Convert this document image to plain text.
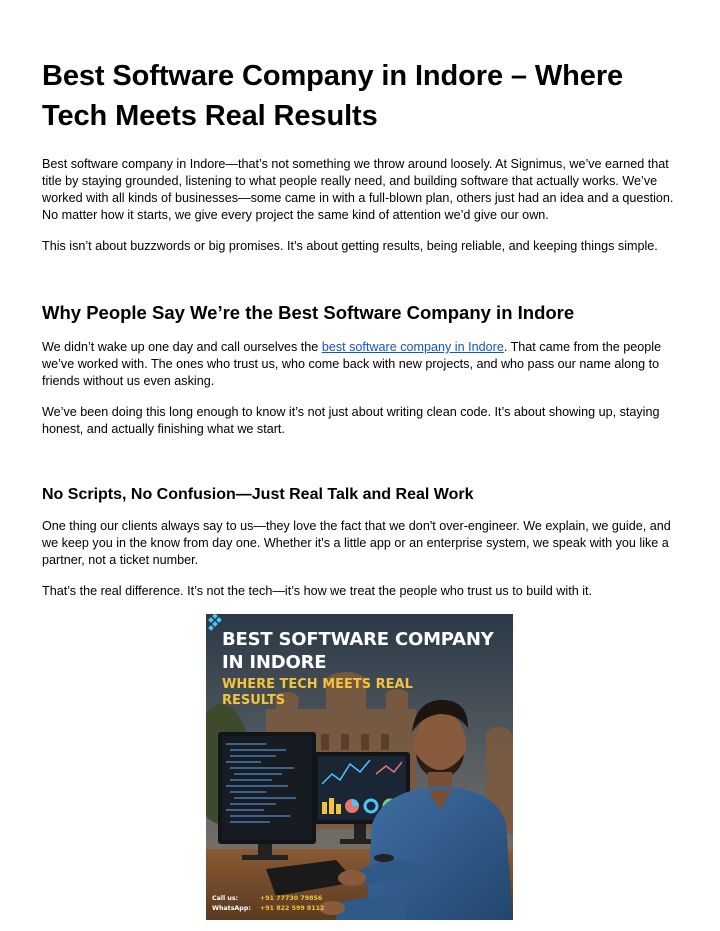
Best Software Company in Indore – Where Tech Meets Real Results

Best software company in Indore—that’s not something we throw around loosely. At Signimus, we’ve earned that title by staying grounded, listening to what people really need, and building software that actually works. We’ve worked with all kinds of businesses—some came in with a full-blown plan, others just had an idea and a question. No matter how it starts, we give every project the same kind of attention we’d give our own.

This isn’t about buzzwords or big promises. It’s about getting results, being reliable, and keeping things simple.

Why People Say We’re the Best Software Company in Indore

We didn’t wake up one day and call ourselves the best software company in Indore. That came from the people we’ve worked with. The ones who trust us, who come back with new projects, and who pass our name along to friends without us even asking.

We’ve been doing this long enough to know it’s not just about writing clean code. It’s about showing up, staying honest, and actually finishing what we start.

No Scripts, No Confusion—Just Real Talk and Real Work

One thing our clients always say to us—they love the fact that we don't over-engineer. We explain, we guide, and we keep you in the know from day one. Whether it's a little app or an enterprise system, we speak with you like a partner, not a ticket number.

That’s the real difference. It’s not the tech—it’s how we treat the people who trust us to build with it.

BEST SOFTWARE COMPANY IN INDORE
WHERE TECH MEETS REAL RESULTS
Call us:	+91 77730 79856
WhatsApp:	+91 822 599 8112
